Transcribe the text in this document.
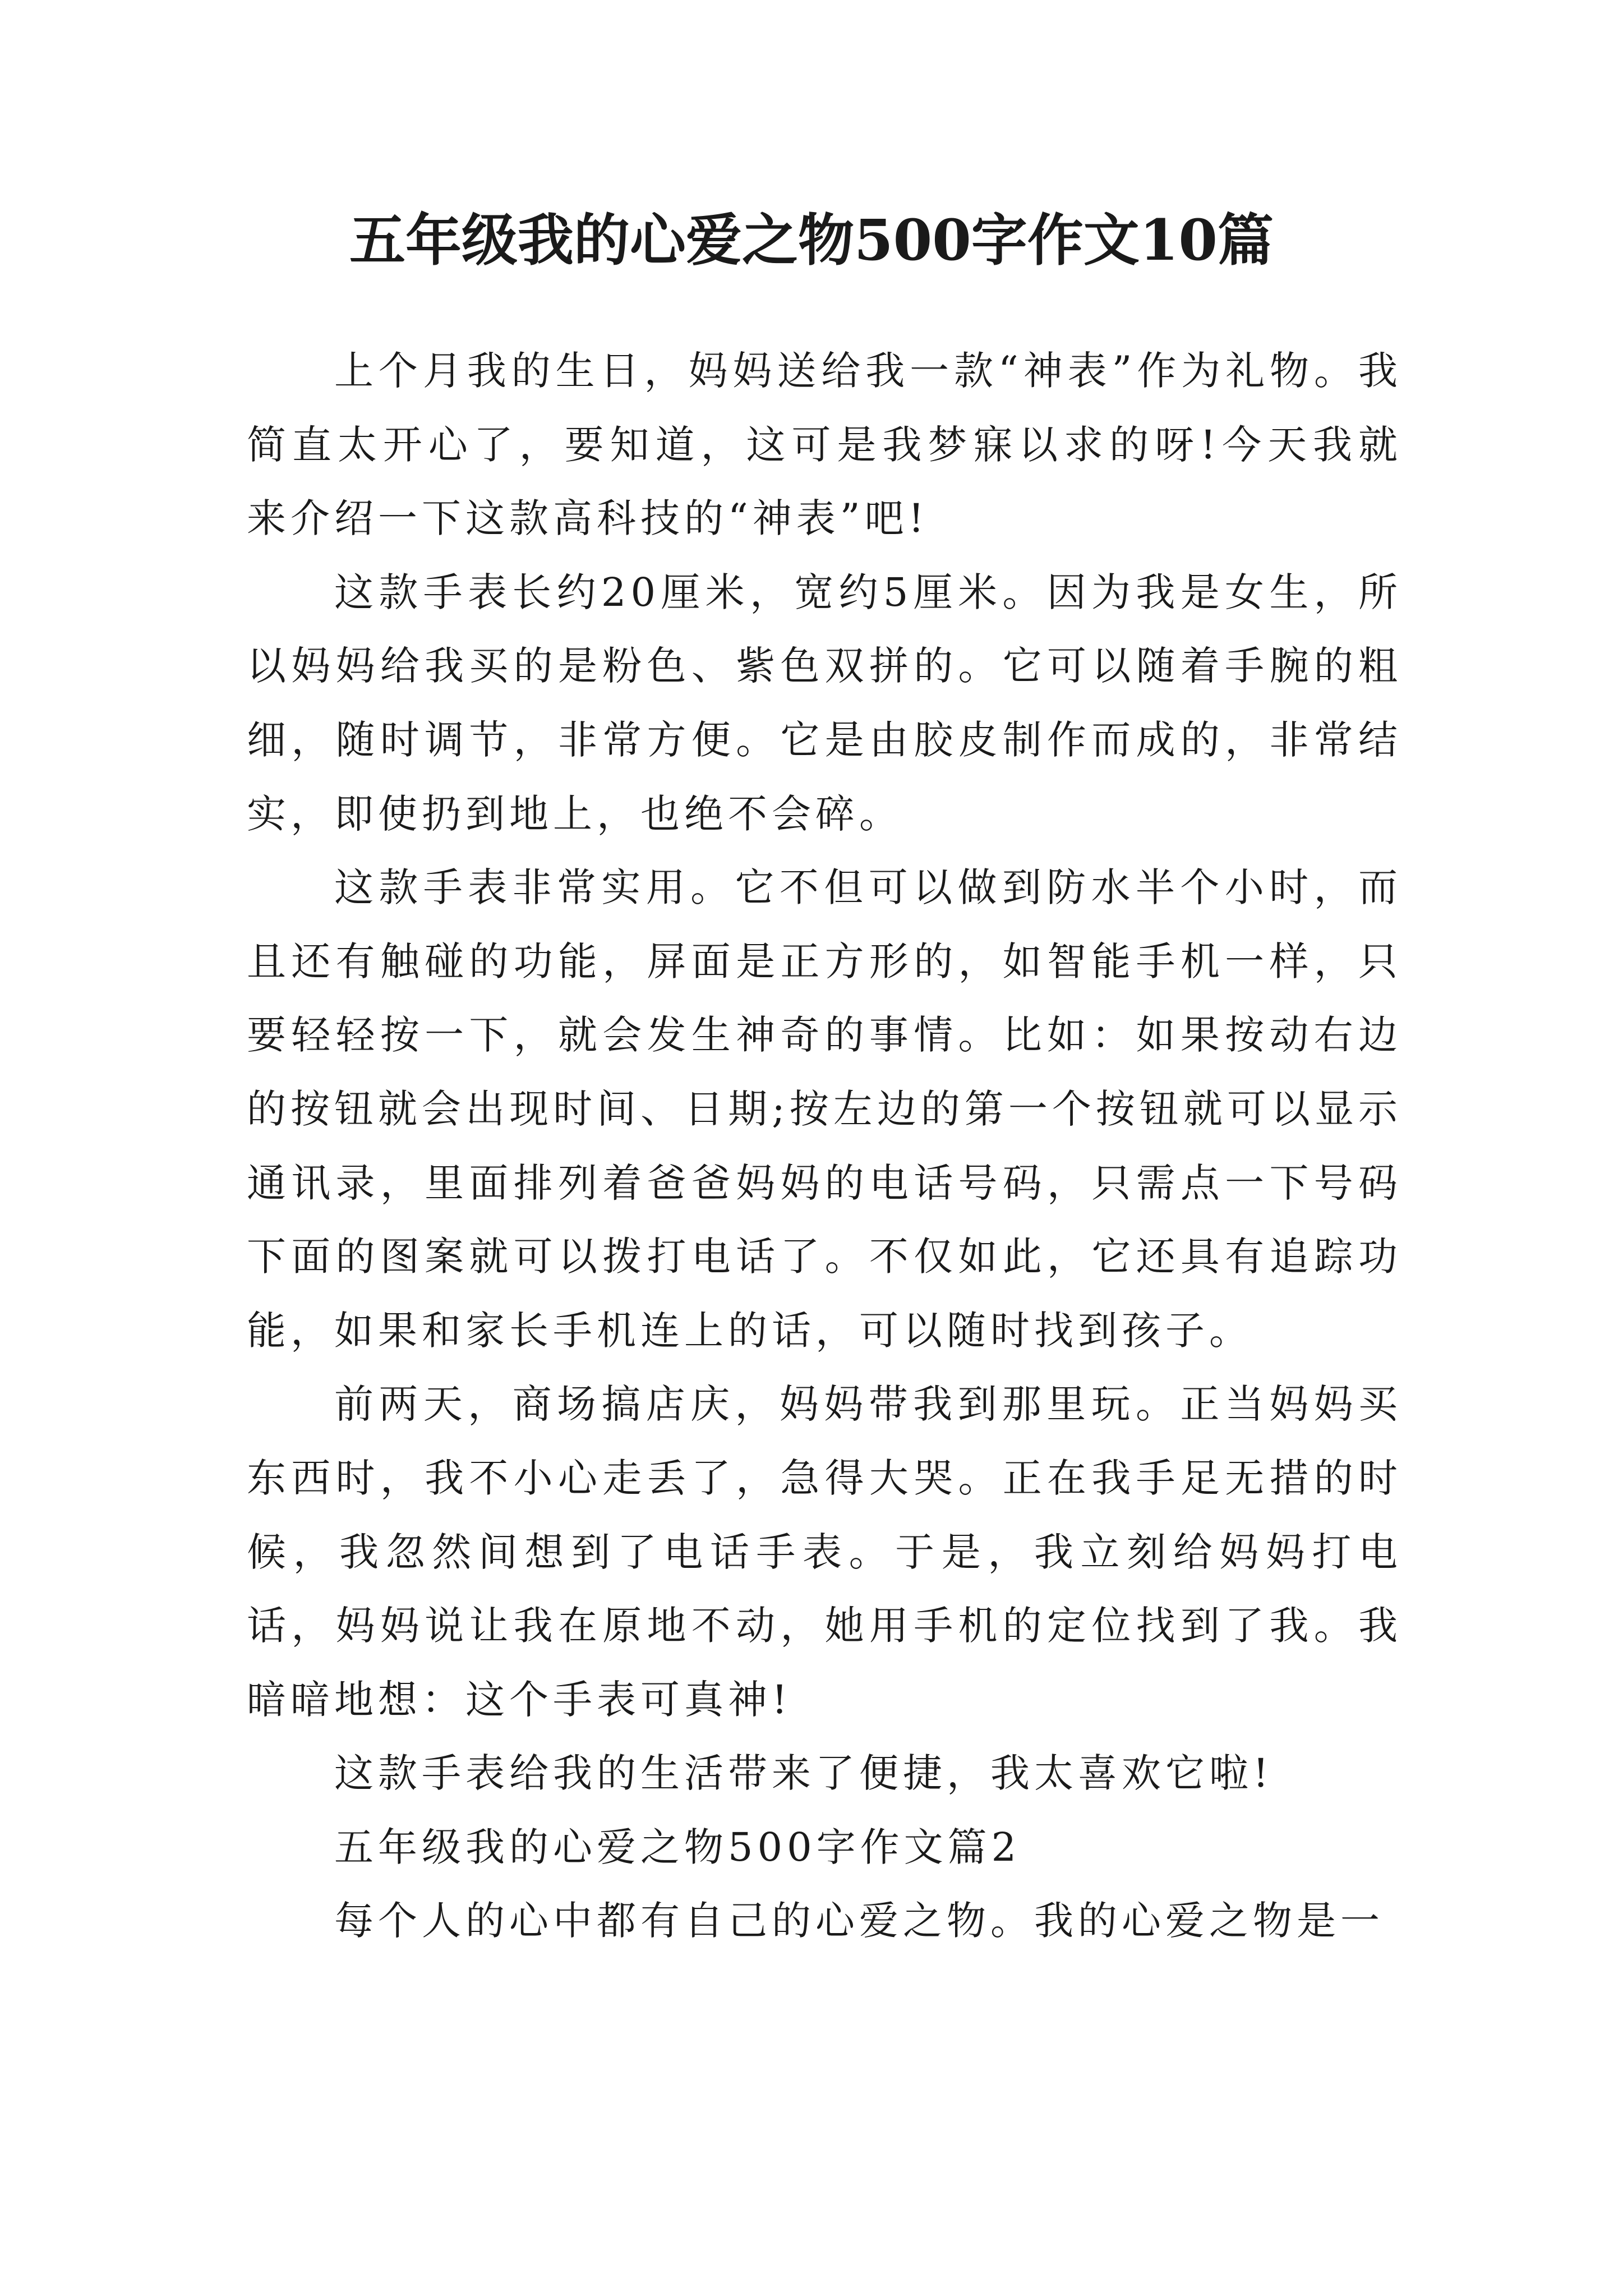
五年级我的心爱之物500字作文10篇

上个月我的生日，妈妈送给我一款“神表”作为礼物。我简直太开心了，要知道，这可是我梦寐以求的呀!今天我就来介绍一下这款高科技的“神表”吧!

这款手表长约20厘米，宽约5厘米。因为我是女生，所以妈妈给我买的是粉色、紫色双拼的。它可以随着手腕的粗细，随时调节，非常方便。它是由胶皮制作而成的，非常结实，即使扔到地上，也绝不会碎。

这款手表非常实用。它不但可以做到防水半个小时，而且还有触碰的功能，屏面是正方形的，如智能手机一样，只要轻轻按一下，就会发生神奇的事情。比如：如果按动右边的按钮就会出现时间、日期;按左边的第一个按钮就可以显示通讯录，里面排列着爸爸妈妈的电话号码，只需点一下号码下面的图案就可以拨打电话了。不仅如此，它还具有追踪功能，如果和家长手机连上的话，可以随时找到孩子。

前两天，商场搞店庆，妈妈带我到那里玩。正当妈妈买东西时，我不小心走丢了，急得大哭。正在我手足无措的时候，我忽然间想到了电话手表。于是，我立刻给妈妈打电话，妈妈说让我在原地不动，她用手机的定位找到了我。我暗暗地想：这个手表可真神!

这款手表给我的生活带来了便捷，我太喜欢它啦!

五年级我的心爱之物500字作文篇2

每个人的心中都有自己的心爱之物。我的心爱之物是一
